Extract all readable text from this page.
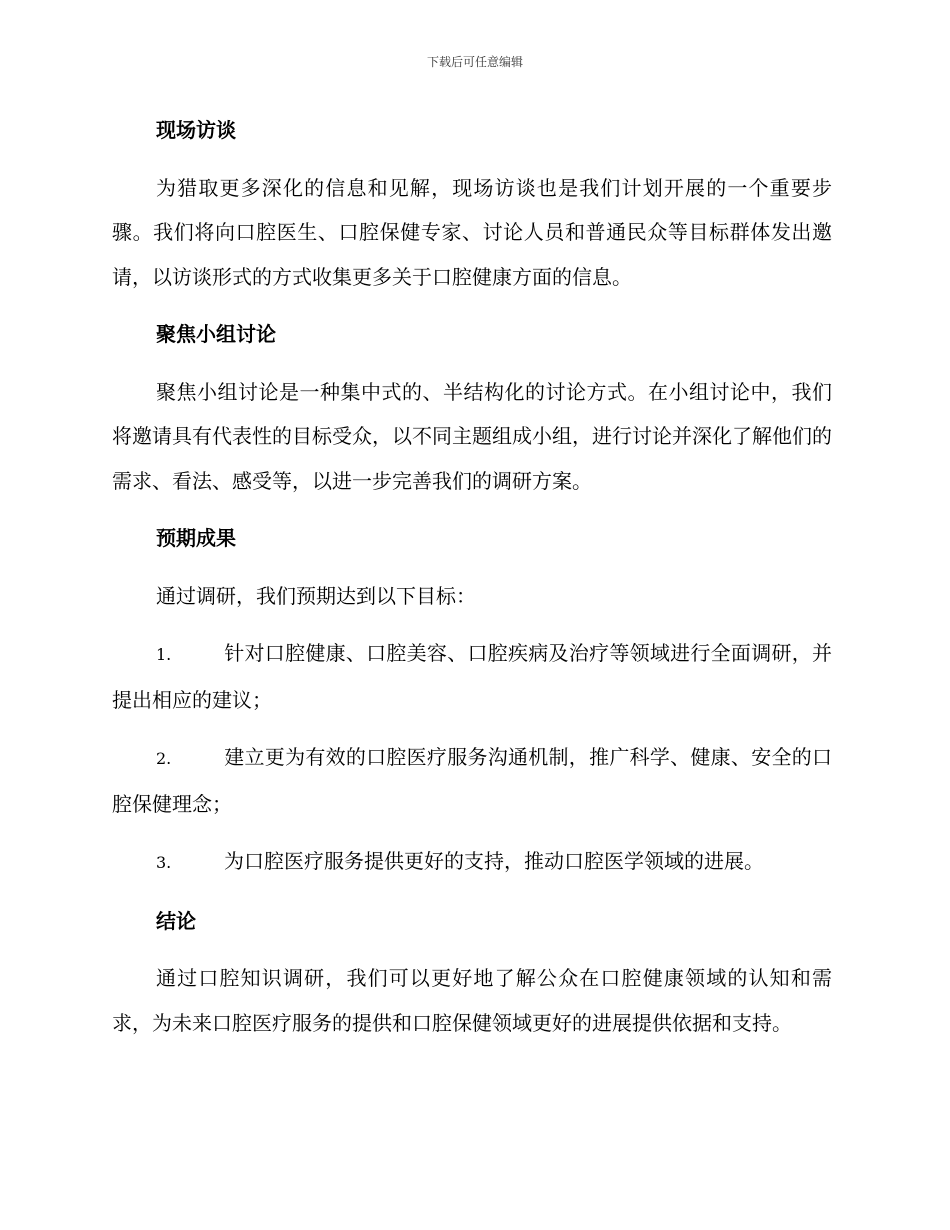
下载后可任意编辑
现场访谈
为猎取更多深化的信息和见解，现场访谈也是我们计划开展的一个重要步骤。我们将向口腔医生、口腔保健专家、讨论人员和普通民众等目标群体发出邀请，以访谈形式的方式收集更多关于口腔健康方面的信息。
聚焦小组讨论
聚焦小组讨论是一种集中式的、半结构化的讨论方式。在小组讨论中，我们将邀请具有代表性的目标受众，以不同主题组成小组，进行讨论并深化了解他们的需求、看法、感受等，以进一步完善我们的调研方案。
预期成果
通过调研，我们预期达到以下目标：
1.	针对口腔健康、口腔美容、口腔疾病及治疗等领域进行全面调研，并提出相应的建议；
2.	建立更为有效的口腔医疗服务沟通机制，推广科学、健康、安全的口腔保健理念；
3.	为口腔医疗服务提供更好的支持，推动口腔医学领域的进展。
结论
通过口腔知识调研，我们可以更好地了解公众在口腔健康领域的认知和需求，为未来口腔医疗服务的提供和口腔保健领域更好的进展提供依据和支持。
